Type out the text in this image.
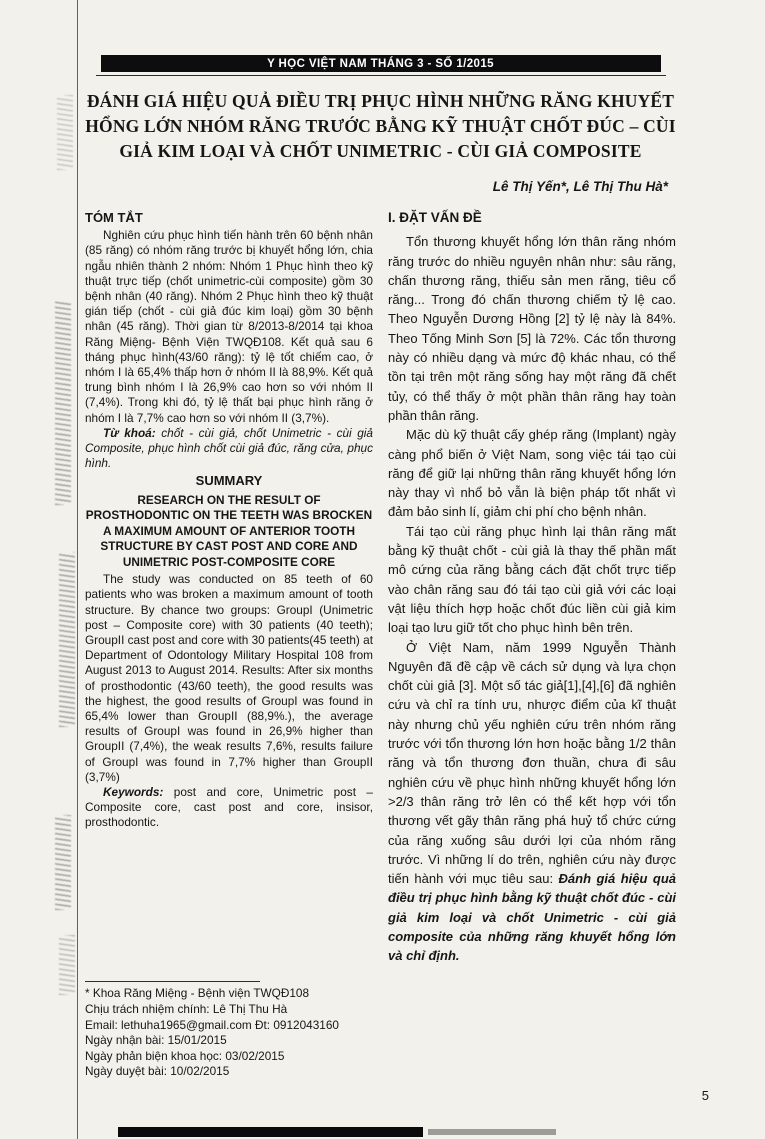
Y HỌC VIỆT NAM THÁNG 3 - SỐ 1/2015
ĐÁNH GIÁ HIỆU QUẢ ĐIỀU TRỊ PHỤC HÌNH NHỮNG RĂNG KHUYẾT HỔNG LỚN NHÓM RĂNG TRƯỚC BẰNG KỸ THUẬT CHỐT ĐÚC – CÙI GIẢ KIM LOẠI VÀ CHỐT UNIMETRIC - CÙI GIẢ COMPOSITE
Lê Thị Yến*, Lê Thị Thu Hà*
TÓM TẮT

Nghiên cứu phục hình tiến hành trên 60 bệnh nhân (85 răng) có nhóm răng trước bị khuyết hổng lớn, chia ngẫu nhiên thành 2 nhóm: Nhóm 1 Phục hình theo kỹ thuật trực tiếp (chốt unimetric-cùi composite) gồm 30 bệnh nhân (40 răng). Nhóm 2 Phục hình theo kỹ thuật gián tiếp (chốt - cùi giả đúc kim loại) gồm 30 bệnh nhân (45 răng). Thời gian từ 8/2013-8/2014 tại khoa Răng Miệng- Bệnh Viện TWQĐ108. Kết quả sau 6 tháng phục hình(43/60 răng): tỷ lệ tốt chiếm cao, ở nhóm I là 65,4% thấp hơn ở nhóm II là 88,9%. Kết quả trung bình nhóm I là 26,9% cao hơn so với nhóm II (7,4%). Trong khi đó, tỷ lệ thất bại phục hình răng ở nhóm I là 7,7% cao hơn so với nhóm II (3,7%).

Từ khoá: chốt - cùi giả, chốt Unimetric - cùi giả Composite, phục hình chốt cùi giả đúc, răng cửa, phục hình.

SUMMARY
RESEARCH ON THE RESULT OF PROSTHODONTIC ON THE TEETH WAS BROCKEN A MAXIMUM AMOUNT OF ANTERIOR TOOTH STRUCTURE BY CAST POST AND CORE AND UNIMETRIC POST-COMPOSITE CORE

The study was conducted on 85 teeth of 60 patients who was broken a maximum amount of tooth structure. By chance two groups: GroupI (Unimetric post – Composite core) with 30 patients (40 teeth); GroupII cast post and core with 30 patients(45 teeth) at Department of Odontology Military Hospital 108 from August 2013 to August 2014. Results: After six months of prosthodontic (43/60 teeth), the good results was the highest, the good results of GroupI was found in 65,4% lower than GroupII (88,9%.), the average results of GroupI was found in 26,9% higher than GroupII (7,4%), the weak results 7,6%, results failure of GroupI was found in 7,7% higher than GroupII (3,7%)

Keywords: post and core, Unimetric post – Composite core, cast post and core, insisor, prosthodontic.

* Khoa Răng Miệng - Bệnh viện TWQĐ108
Chịu trách nhiệm chính: Lê Thị Thu Hà
Email: lethuha1965@gmail.com Đt: 0912043160
Ngày nhận bài: 15/01/2015
Ngày phản biện khoa học: 03/02/2015
Ngày duyệt bài: 10/02/2015
I. ĐẶT VẤN ĐỀ

Tổn thương khuyết hổng lớn thân răng nhóm răng trước do nhiều nguyên nhân như: sâu răng, chấn thương răng, thiếu sản men răng, tiêu cổ răng... Trong đó chấn thương chiếm tỷ lệ cao. Theo Nguyễn Dương Hồng [2] tỷ lệ này là 84%. Theo Tống Minh Sơn [5] là 72%. Các tổn thương này có nhiều dạng và mức độ khác nhau, có thể tồn tại trên một răng sống hay một răng đã chết tủy, có thể thấy ở một phần thân răng hay toàn phần thân răng.

Mặc dù kỹ thuật cấy ghép răng (Implant) ngày càng phổ biến ở Việt Nam, song việc tái tạo cùi răng để giữ lại những thân răng khuyết hổng lớn này thay vì nhổ bỏ vẫn là biện pháp tốt nhất vì đảm bảo sinh lí, giảm chi phí cho bệnh nhân.

Tái tạo cùi răng phục hình lại thân răng mất bằng kỹ thuật chốt - cùi giả là thay thế phần mất mô cứng của răng bằng cách đặt chốt trực tiếp vào chân răng sau đó tái tạo cùi giả với các loại vật liệu thích hợp hoặc chốt đúc liền cùi giả kim loại tạo lưu giữ tốt cho phục hình bên trên.

Ở Việt Nam, năm 1999 Nguyễn Thành Nguyên đã đề cập về cách sử dụng và lựa chọn chốt cùi giả [3]. Một số tác giả[1],[4],[6] đã nghiên cứu và chỉ ra tính ưu, nhược điểm của kĩ thuật này nhưng chủ yếu nghiên cứu trên nhóm răng trước với tổn thương lớn hơn hoặc bằng 1/2 thân răng và tổn thương đơn thuần, chưa đi sâu nghiên cứu về phục hình những khuyết hổng lớn >2/3 thân răng trở lên có thể kết hợp với tổn thương vết gãy thân răng phá huỷ tổ chức cứng của răng xuống sâu dưới lợi của nhóm răng trước. Vì những lí do trên, nghiên cứu này được tiến hành với mục tiêu sau: Đánh giá hiệu quả điều trị phục hình bằng kỹ thuật chốt đúc - cùi giả kim loại và chốt Unimetric - cùi giả composite của những răng khuyết hổng lớn và chỉ định.

5
